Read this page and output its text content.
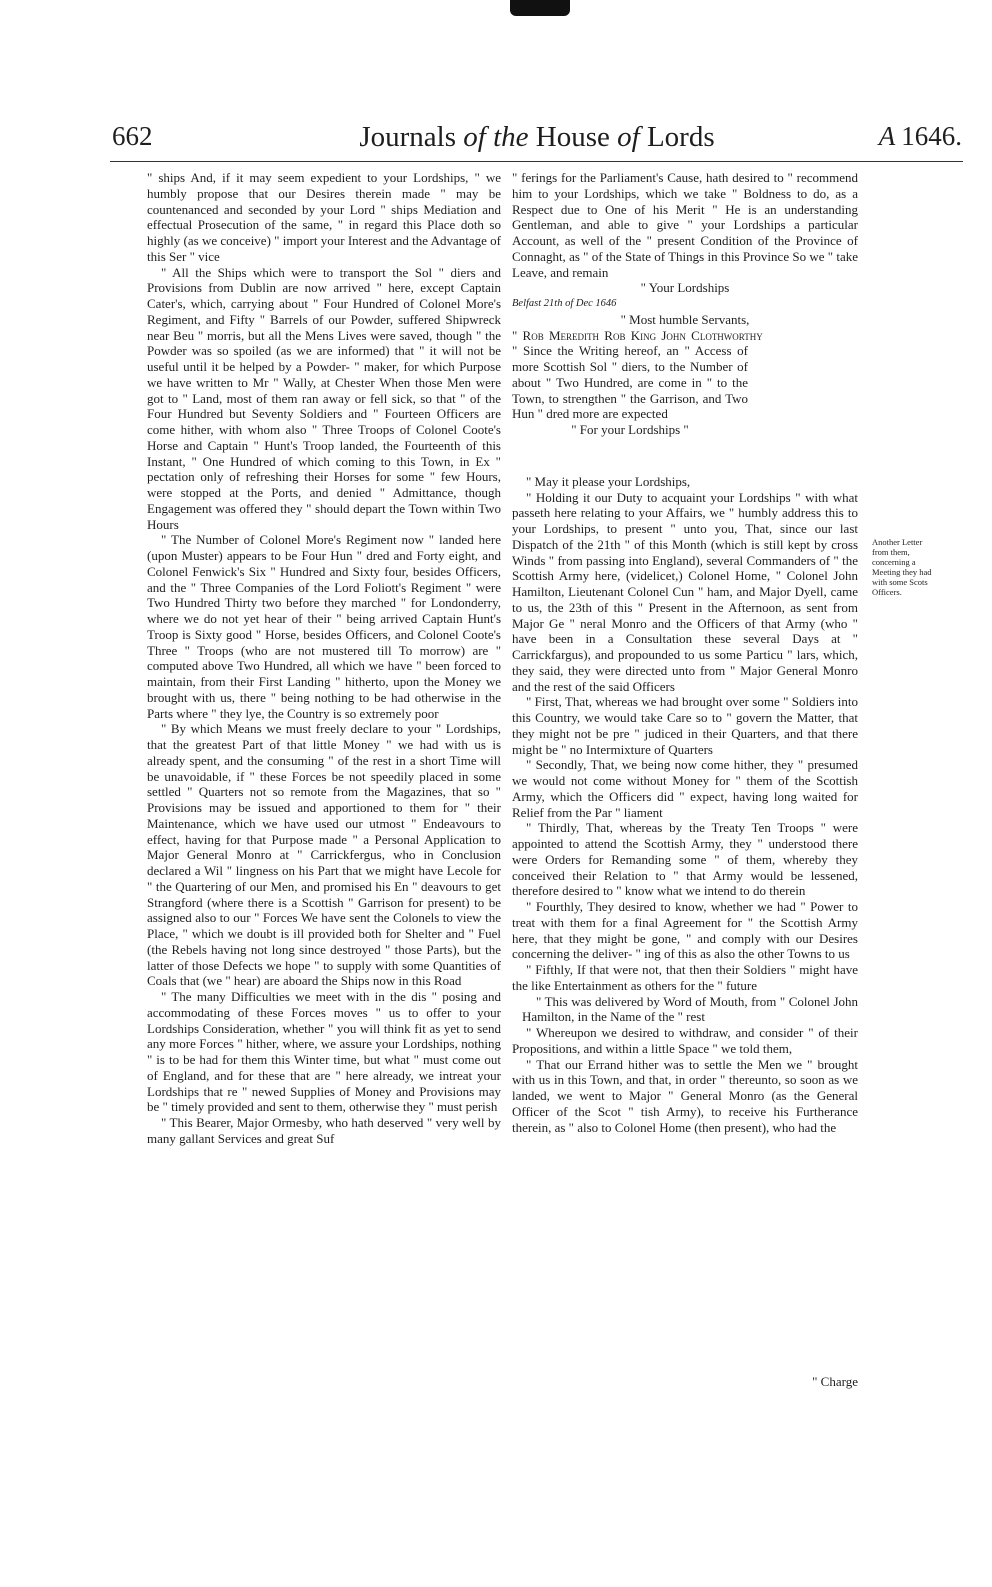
662	Journals of the House of Lords	A 1646.

" ships And, if it may seem expedient to your Lordships, " we humbly propose that our Desires therein made " may be countenanced and seconded by your Lord " ships Mediation and effectual Prosecution of the same, " in regard this Place doth so highly (as we conceive) " import your Interest and the Advantage of this Ser " vice

" All the Ships which were to transport the Sol " diers and Provisions from Dublin are now arrived " here, except Captain Cater's, which, carrying about " Four Hundred of Colonel More's Regiment, and Fifty " Barrels of our Powder, suffered Shipwreck near Beu " morris, but all the Mens Lives were saved, though " the Powder was so spoiled (as we are informed) that " it will not be useful until it be helped by a Powder- " maker, for which Purpose we have written to Mr " Wally, at Chester When those Men were got to " Land, most of them ran away or fell sick, so that " of the Four Hundred but Seventy Soldiers and " Fourteen Officers are come hither, with whom also " Three Troops of Colonel Coote's Horse and Captain " Hunt's Troop landed, the Fourteenth of this Instant, " One Hundred of which coming to this Town, in Ex " pectation only of refreshing their Horses for some " few Hours, were stopped at the Ports, and denied " Admittance, though Engagement was offered they " should depart the Town within Two Hours

" The Number of Colonel More's Regiment now " landed here (upon Muster) appears to be Four Hun " dred and Forty eight, and Colonel Fenwick's Six " Hundred and Sixty four, besides Officers, and the " Three Companies of the Lord Foliott's Regiment " were Two Hundred Thirty two before they marched " for Londonderry, where we do not yet hear of their " being arrived Captain Hunt's Troop is Sixty good " Horse, besides Officers, and Colonel Coote's Three " Troops (who are not mustered till To morrow) are " computed above Two Hundred, all which we have " been forced to maintain, from their First Landing " hitherto, upon the Money we brought with us, there " being nothing to be had otherwise in the Parts where " they lye, the Country is so extremely poor

" By which Means we must freely declare to your " Lordships, that the greatest Part of that little Money " we had with us is already spent, and the consuming " of the rest in a short Time will be unavoidable, if " these Forces be not speedily placed in some settled " Quarters not so remote from the Magazines, that so " Provisions may be issued and apportioned to them for " their Maintenance, which we have used our utmost " Endeavours to effect, having for that Purpose made " a Personal Application to Major General Monro at " Carrickfergus, who in Conclusion declared a Wil " lingness on his Part that we might have Lecole for " the Quartering of our Men, and promised his En " deavours to get Strangford (where there is a Scottish " Garrison for present) to be assigned also to our " Forces We have sent the Colonels to view the Place, " which we doubt is ill provided both for Shelter and " Fuel (the Rebels having not long since destroyed " those Parts), but the latter of those Defects we hope " to supply with some Quantities of Coals that (we " hear) are aboard the Ships now in this Road

" The many Difficulties we meet with in the dis " posing and accommodating of these Forces moves " us to offer to your Lordships Consideration, whether " you will think fit as yet to send any more Forces " hither, where, we assure your Lordships, nothing " is to be had for them this Winter time, but what " must come out of England, and for these that are " here already, we intreat your Lordships that re " newed Supplies of Money and Provisions may be " timely provided and sent to them, otherwise they " must perish

" This Bearer, Major Ormesby, who hath deserved " very well by many gallant Services and great Suf

" ferings for the Parliament's Cause, hath desired to " recommend him to your Lordships, which we take " Boldness to do, as a Respect due to One of his Merit " He is an understanding Gentleman, and able to give " your Lordships a particular Account, as well of the " present Condition of the Province of Connaght, as " of the State of Things in this Province So we " take Leave, and remain

" Your Lordships

Belfast 21th of Dec 1646

" Most humble Servants,

" Rob Meredith Rob King John Clothworthy

" Since the Writing hereof, an " Access of more Scottish Sol " diers, to the Number of about " Two Hundred, are come in " to the Town, to strengthen " the Garrison, and Two Hun " dred more are expected

" For your Lordships "

" May it please your Lordships,

" Holding it our Duty to acquaint your Lordships " with what passeth here relating to your Affairs, we " humbly address this to your Lordships, to present " unto you, That, since our last Dispatch of the 21th " of this Month (which is still kept by cross Winds " from passing into England), several Commanders of " the Scottish Army here, (videlicet,) Colonel Home, " Colonel John Hamilton, Lieutenant Colonel Cun " ham, and Major Dyell, came to us, the 23th of this " Present in the Afternoon, as sent from Major Ge " neral Monro and the Officers of that Army (who " have been in a Consultation these several Days at " Carrickfargus), and propounded to us some Particu " lars, which, they said, they were directed unto from " Major General Monro and the rest of the said Officers

" First, That, whereas we had brought over some " Soldiers into this Country, we would take Care so to " govern the Matter, that they might not be pre " judiced in their Quarters, and that there might be " no Intermixture of Quarters

" Secondly, That, we being now come hither, they " presumed we would not come without Money for " them of the Scottish Army, which the Officers did " expect, having long waited for Relief from the Par " liament

" Thirdly, That, whereas by the Treaty Ten Troops " were appointed to attend the Scottish Army, they " understood there were Orders for Remanding some " of them, whereby they conceived their Relation to " that Army would be lessened, therefore desired to " know what we intend to do therein

" Fourthly, They desired to know, whether we had " Power to treat with them for a final Agreement for " the Scottish Army here, that they might be gone, " and comply with our Desires concerning the deliver- " ing of this as also the other Towns to us

" Fifthly, If that were not, that then their Soldiers " might have the like Entertainment as others for the " future

" This was delivered by Word of Mouth, from " Colonel John Hamilton, in the Name of the " rest

" Whereupon we desired to withdraw, and consider " of their Propositions, and within a little Space " we told them,

" That our Errand hither was to settle the Men we " brought with us in this Town, and that, in order " thereunto, so soon as we landed, we went to Major " General Monro (as the General Officer of the Scot " tish Army), to receive his Furtherance therein, as " also to Colonel Home (then present), who had the

" Charge
Another Letter from them, concerning a Meeting they had with some Scots Officers.
